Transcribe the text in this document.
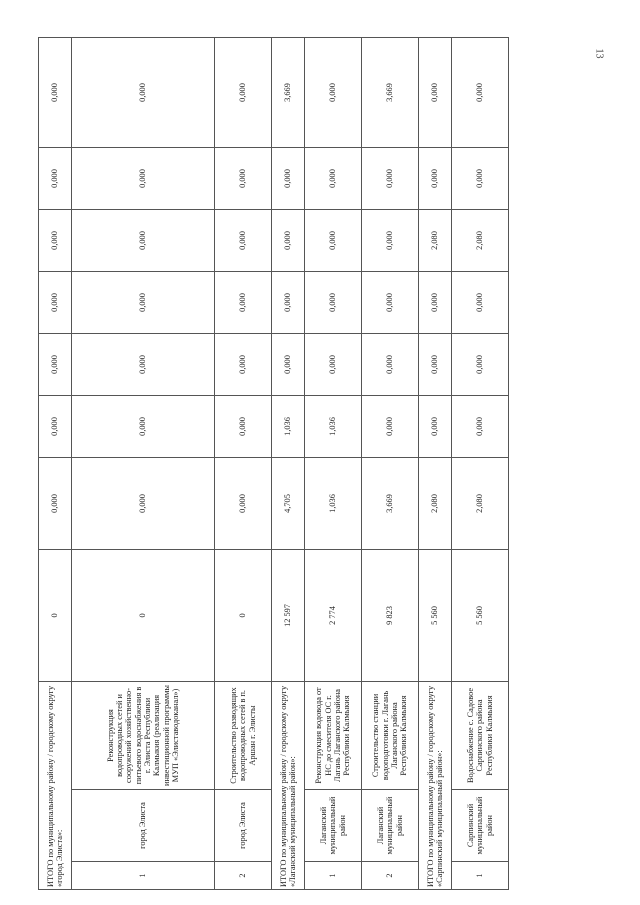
13
ИТОГО по муниципальному району / городскому округу «город Элиста»:			0	0,000	0,000	0,000	0,000	0,000	0,000	0,000
1	город Элиста	Реконструкция водопроводных сетей и сооружений хозяйственно-питьевого водоснабжения в г. Элиста Республики Калмыкия (реализация инвестиционной программы МУП «Элиставодоканал»)	0	0,000	0,000	0,000	0,000	0,000	0,000	0,000
2	город Элиста	Строительство разводящих водопроводных сетей в п. Аршан г. Элисты	0	0,000	0,000	0,000	0,000	0,000	0,000	0,000
ИТОГО по муниципальному району / городскому округу «Лаганский муниципальный район»:			12 597	4,705	1,036	0,000	0,000	0,000	0,000	3,669
1	Лаганский муниципальный район	Реконструкция водовода от НС до смесителя ОС г. Лагань Лаганского района Республики Калмыкия	2 774	1,036	1,036	0,000	0,000	0,000	0,000	0,000
2	Лаганский муниципальный район	Строительство станции водоподготовки г. Лагань Лаганского района Республики Калмыкия	9 823	3,669	0,000	0,000	0,000	0,000	0,000	3,669
ИТОГО по муниципальному району / городскому округу «Сарпинский муниципальный район»:			5 560	2,080	0,000	0,000	0,000	2,080	0,000	0,000
1	Сарпинский муниципальный район	Водоснабжение с. Садовое Сарпинского района Республики Калмыкия	5 560	2,080	0,000	0,000	0,000	2,080	0,000	0,000
